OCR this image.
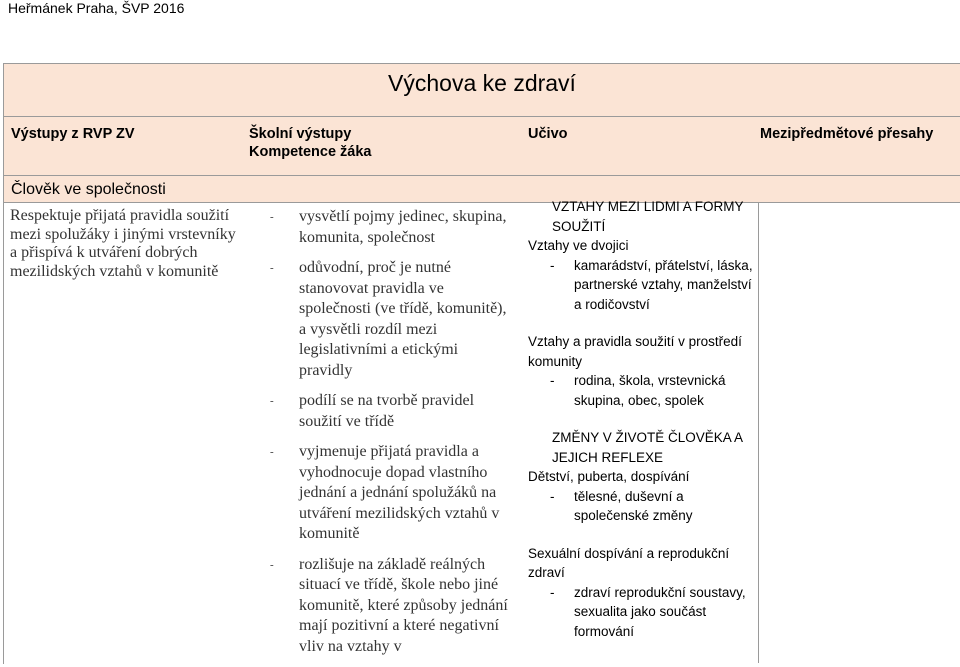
Heřmánek Praha, ŠVP 2016
Výchova ke zdraví
Výstupy z RVP ZV	Školní výstupy
Kompetence žáka
Učivo	Mezipředmětové přesahy
Člověk ve společnosti
Respektuje přijatá pravidla soužití mezi spolužáky i jinými vrstevníky a přispívá k utváření dobrých mezilidských vztahů v komunitě
- vysvětlí pojmy jedinec, skupina, komunita, společnost
- odůvodní, proč je nutné stanovovat pravidla ve společnosti (ve třídě, komunitě), a vysvětli rozdíl mezi legislativními a etickými pravidly
- podílí se na tvorbě pravidel soužití ve třídě
- vyjmenuje přijatá pravidla a vyhodnocuje dopad vlastního jednání a jednání spolužáků na utváření mezilidských vztahů v komunitě
- rozlišuje na základě reálných situací ve třídě, škole nebo jiné komunitě, které způsoby jednání mají pozitivní a které negativní vliv na vztahy v
VZTAHY MEZI LIDMI A FORMY SOUŽITÍ
Vztahy ve dvojici
- kamarádství, přátelství, láska, partnerské vztahy, manželství a rodičovství
Vztahy a pravidla soužití v prostředí komunity
- rodina, škola, vrstevnická skupina, obec, spolek
ZMĚNY V ŽIVOTĚ ČLOVĚKA A JEJICH REFLEXE
Dětství, puberta, dospívání
- tělesné, duševní a společenské změny
Sexuální dospívání a reprodukční zdraví
- zdraví reprodukční soustavy, sexualita jako součást formování
